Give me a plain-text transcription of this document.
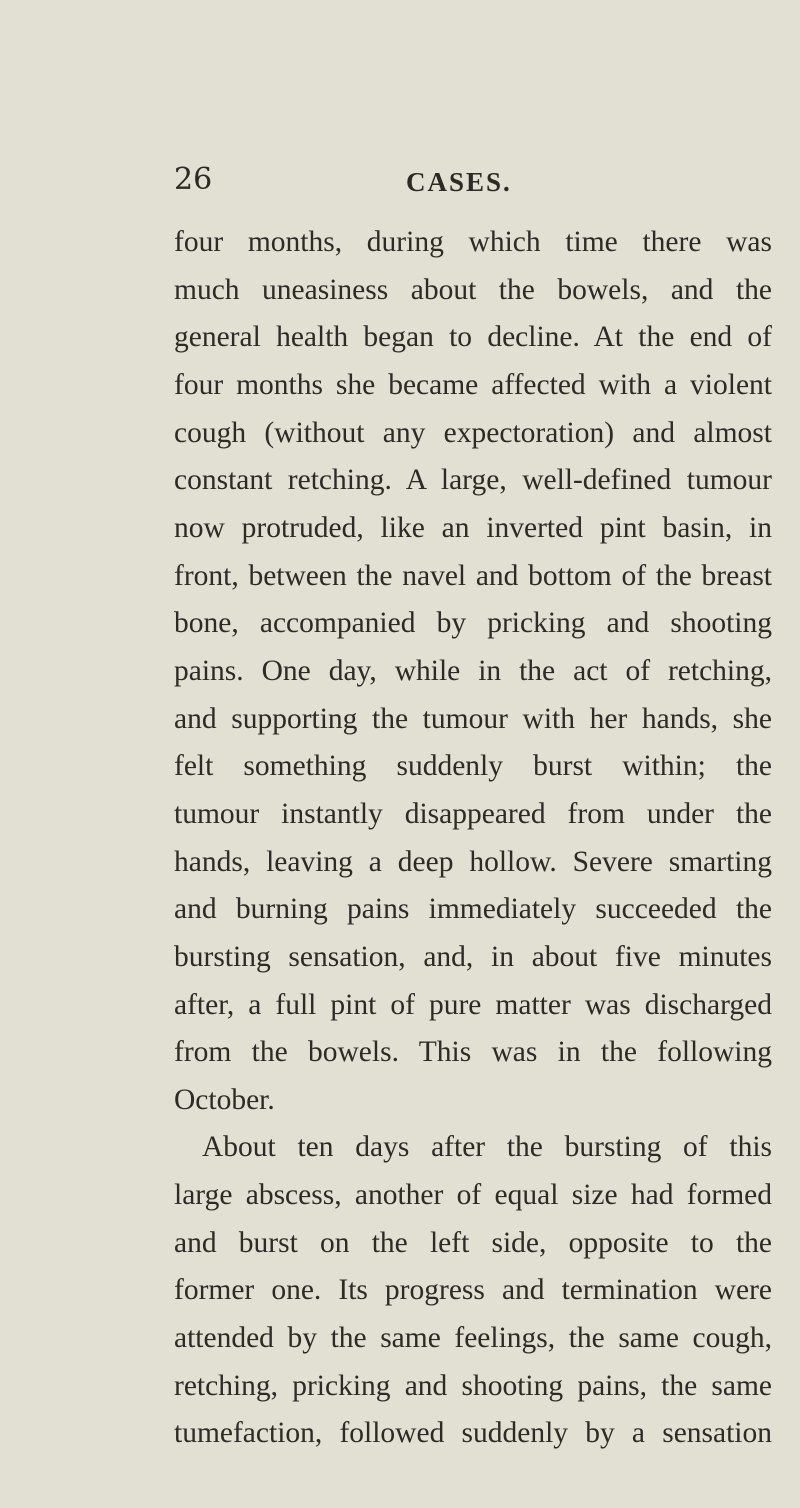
26	CASES.
four months, during which time there was
much uneasiness about the bowels, and the
general health began to decline. At the end of
four months she became affected with a violent
cough (without any expectoration) and almost
constant retching. A large, well-defined tumour
now protruded, like an inverted pint basin, in
front, between the navel and bottom of the breast
bone, accompanied by pricking and shooting
pains. One day, while in the act of retching,
and supporting the tumour with her hands, she
felt something suddenly burst within; the
tumour instantly disappeared from under the
hands, leaving a deep hollow. Severe smarting
and burning pains immediately succeeded the
bursting sensation, and, in about five minutes
after, a full pint of pure matter was discharged
from the bowels. This was in the following
October.
About ten days after the bursting of this
large abscess, another of equal size had formed
and burst on the left side, opposite to the
former one. Its progress and termination were
attended by the same feelings, the same cough,
retching, pricking and shooting pains, the same
tumefaction, followed suddenly by a sensation
